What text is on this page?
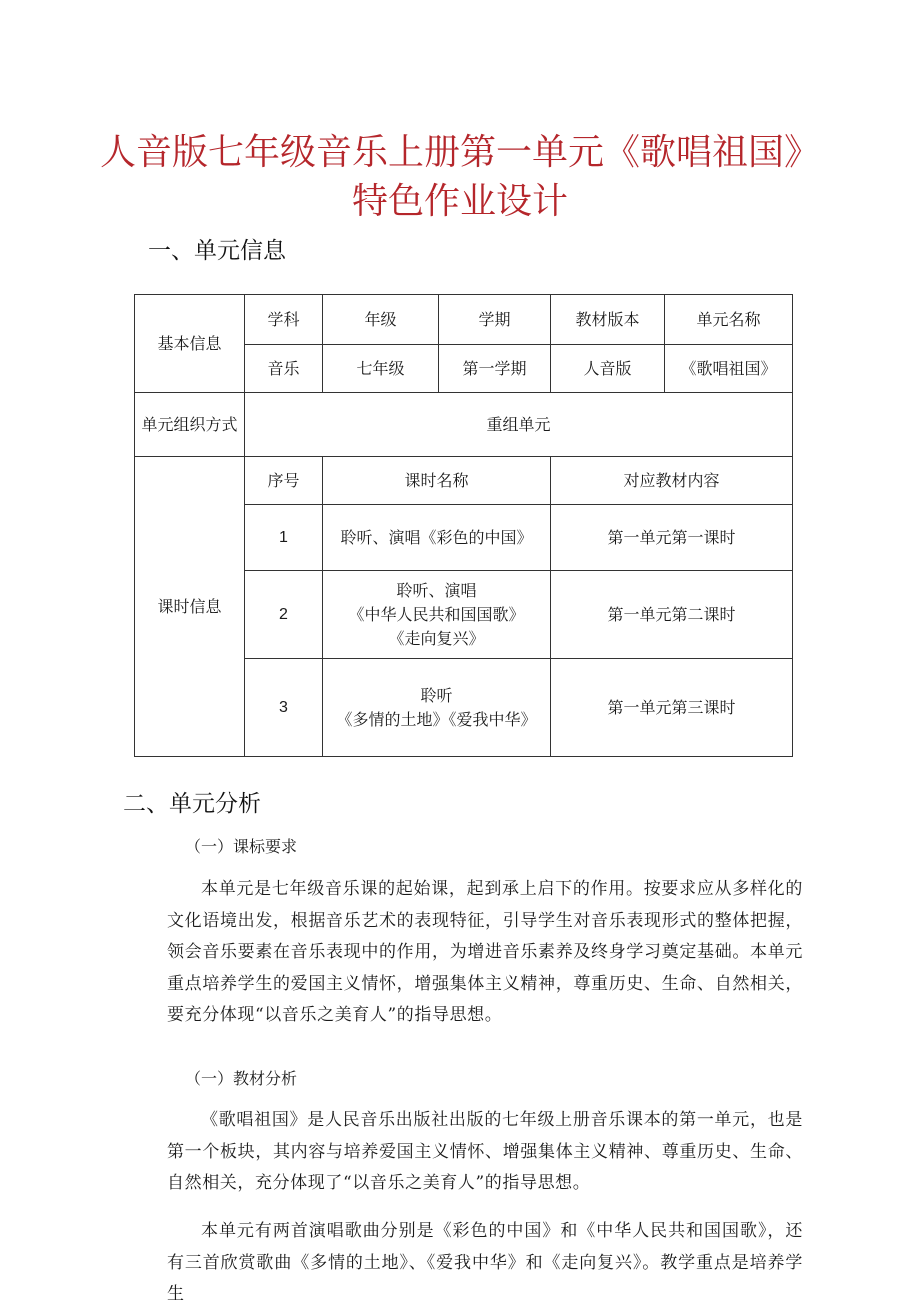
人音版七年级音乐上册第一单元《歌唱祖国》
特色作业设计
一、单元信息
基本信息	学科	年级	学期	教材版本	单元名称
	音乐	七年级	第一学期	人音版	《歌唱祖国》
单元组织方式	重组单元				
课时信息	序号	课时名称		对应教材内容	
	1	聆听、演唱《彩色的中国》		第一单元第一课时	
	2	聆听、演唱
《中华人民共和国国歌》
《走向复兴》		第一单元第二课时	
	3	聆听
《多情的土地》《爱我中华》		第一单元第三课时	
二、单元分析
（一）课标要求

本单元是七年级音乐课的起始课，起到承上启下的作用。按要求应从多样化的文化语境出发，根据音乐艺术的表现特征，引导学生对音乐表现形式的整体把握，领会音乐要素在音乐表现中的作用，为增进音乐素养及终身学习奠定基础。本单元重点培养学生的爱国主义情怀，增强集体主义精神，尊重历史、生命、自然相关，要充分体现“以音乐之美育人”的指导思想。

（一）教材分析

《歌唱祖国》是人民音乐出版社出版的七年级上册音乐课本的第一单元，也是第一个板块，其内容与培养爱国主义情怀、增强集体主义精神、尊重历史、生命、自然相关，充分体现了“以音乐之美育人”的指导思想。

本单元有两首演唱歌曲分别是《彩色的中国》和《中华人民共和国国歌》，还有三首欣赏歌曲《多情的土地》、《爱我中华》和《走向复兴》。教学重点是培养学生
